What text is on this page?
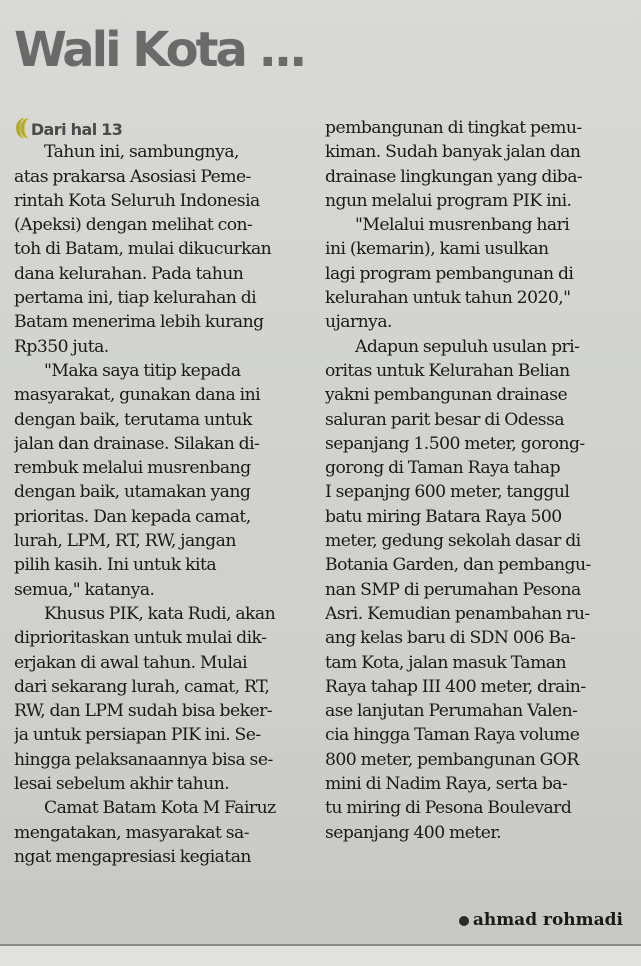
Wali Kota ...
(( Dari hal 13
Tahun ini, sambungnya,
atas prakarsa Asosiasi Peme-
rintah Kota Seluruh Indonesia
(Apeksi) dengan melihat con-
toh di Batam, mulai dikucurkan
dana kelurahan. Pada tahun
pertama ini, tiap kelurahan di
Batam menerima lebih kurang
Rp350 juta.
"Maka saya titip kepada
masyarakat, gunakan dana ini
dengan baik, terutama untuk
jalan dan drainase. Silakan di-
rembuk melalui musrenbang
dengan baik, utamakan yang
prioritas. Dan kepada camat,
lurah, LPM, RT, RW, jangan
pilih kasih. Ini untuk kita
semua," katanya.
Khusus PIK, kata Rudi, akan
diprioritaskan untuk mulai dik-
erjakan di awal tahun. Mulai
dari sekarang lurah, camat, RT,
RW, dan LPM sudah bisa beker-
ja untuk persiapan PIK ini. Se-
hingga pelaksanaannya bisa se-
lesai sebelum akhir tahun.
Camat Batam Kota M Fairuz
mengatakan, masyarakat sa-
ngat mengapresiasi kegiatan
pembangunan di tingkat pemu-
kiman. Sudah banyak jalan dan
drainase lingkungan yang diba-
ngun melalui program PIK ini.
"Melalui musrenbang hari
ini (kemarin), kami usulkan
lagi program pembangunan di
kelurahan untuk tahun 2020,"
ujarnya.
Adapun sepuluh usulan pri-
oritas untuk Kelurahan Belian
yakni pembangunan drainase
saluran parit besar di Odessa
sepanjang 1.500 meter, gorong-
gorong di Taman Raya tahap
I sepanjng 600 meter, tanggul
batu miring Batara Raya 500
meter, gedung sekolah dasar di
Botania Garden, dan pembangu-
nan SMP di perumahan Pesona
Asri. Kemudian penambahan ru-
ang kelas baru di SDN 006 Ba-
tam Kota, jalan masuk Taman
Raya tahap III 400 meter, drain-
ase lanjutan Perumahan Valen-
cia hingga Taman Raya volume
800 meter, pembangunan GOR
mini di Nadim Raya, serta ba-
tu miring di Pesona Boulevard
sepanjang 400 meter.
ahmad rohmadi
